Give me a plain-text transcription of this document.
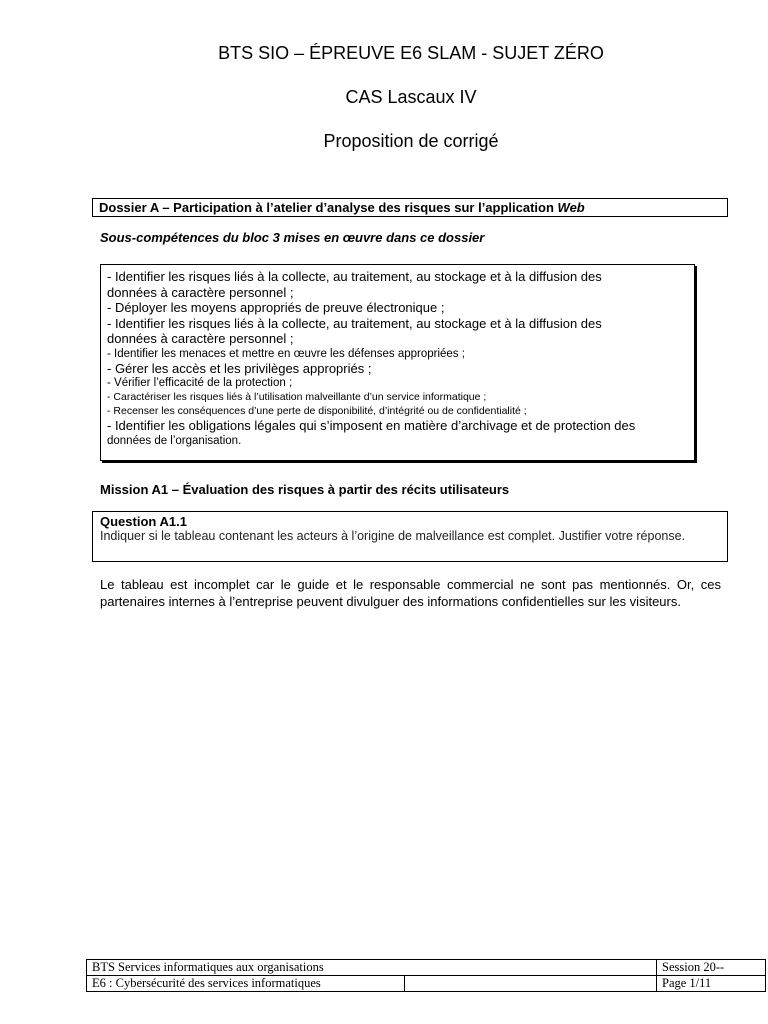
BTS SIO – ÉPREUVE E6 SLAM - SUJET ZÉRO
CAS Lascaux IV
Proposition de corrigé
Dossier A – Participation à l’atelier d’analyse des risques sur l’application Web
Sous-compétences du bloc 3 mises en œuvre dans ce dossier
- Identifier les risques liés à la collecte, au traitement, au stockage et à la diffusion des
données à caractère personnel ;
- Déployer les moyens appropriés de preuve électronique ;
- Identifier les risques liés à la collecte, au traitement, au stockage et à la diffusion des
données à caractère personnel ;
- Identifier les menaces et mettre en œuvre les défenses appropriées ;
- Gérer les accès et les privilèges appropriés ;
- Vérifier l’efficacité de la protection ;
- Caractériser les risques liés à l’utilisation malveillante d’un service informatique ;
- Recenser les conséquences d’une perte de disponibilité, d’intégrité ou de confidentialité ;
- Identifier les obligations légales qui s’imposent en matière d’archivage et de protection des
données de l’organisation.
Mission A1 – Évaluation des risques à partir des récits utilisateurs
Question A1.1
Indiquer si le tableau contenant les acteurs à l’origine de malveillance est complet. Justifier votre réponse.
Le tableau est incomplet car le guide et le responsable commercial ne sont pas mentionnés. Or, ces partenaires internes à l’entreprise peuvent divulguer des informations confidentielles sur les visiteurs.
BTS Services informatiques aux organisations		Session 20--
E6 : Cybersécurité des services informatiques		Page 1/11
